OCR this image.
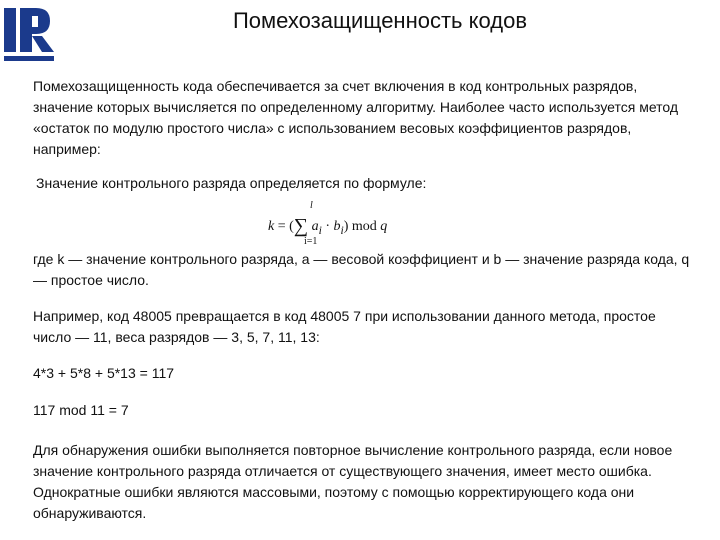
Помехозащищенность кодов

Помехозащищенность кода обеспечивается за счет включения в код контрольных разрядов, значение которых вычисляется по определенному алгоритму. Наиболее часто используется метод «остаток по модулю простого числа» с использованием весовых коэффициентов разрядов, например:

Значение контрольного разряда определяется по формуле:

l
k = (∑ $a_i \cdot b_i$) mod q
i=1

где k — значение контрольного разряда, a — весовой коэффициент и b — значение разряда кода, q — простое число.

Например, код 48005 превращается в код 48005 7 при использовании данного метода, простое число — 11, веса разрядов — 3, 5, 7, 11, 13:

4*3 + 5*8 + 5*13 = 117

117 mod 11 = 7

Для обнаружения ошибки выполняется повторное вычисление контрольного разряда, если новое значение контрольного разряда отличается от существующего значения, имеет место ошибка. Однократные ошибки являются массовыми, поэтому с помощью корректирующего кода они обнаруживаются.
